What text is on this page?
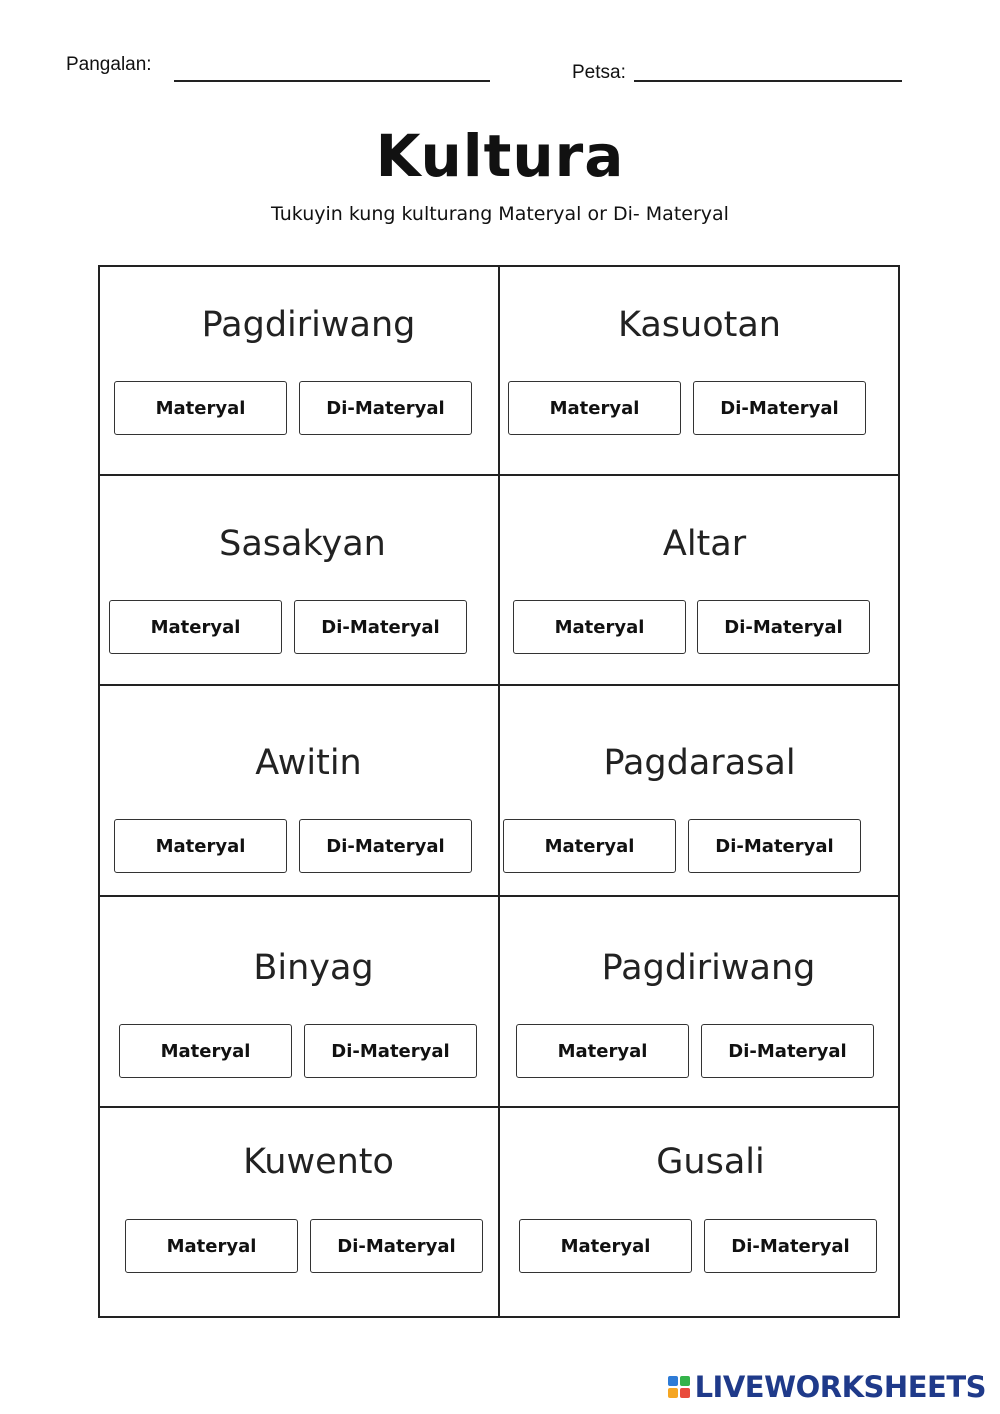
Pangalan:	Petsa:
Kultura
Tukuyin kung kulturang Materyal or Di- Materyal
Pagdiriwang
Materyal	Di-Materyal
Kasuotan
Materyal	Di-Materyal
Sasakyan
Materyal	Di-Materyal
Altar
Materyal	Di-Materyal
Awitin
Materyal	Di-Materyal
Pagdarasal
Materyal	Di-Materyal
Binyag
Materyal	Di-Materyal
Pagdiriwang
Materyal	Di-Materyal
Kuwento
Materyal	Di-Materyal
Gusali
Materyal	Di-Materyal
LIVEWORKSHEETS
